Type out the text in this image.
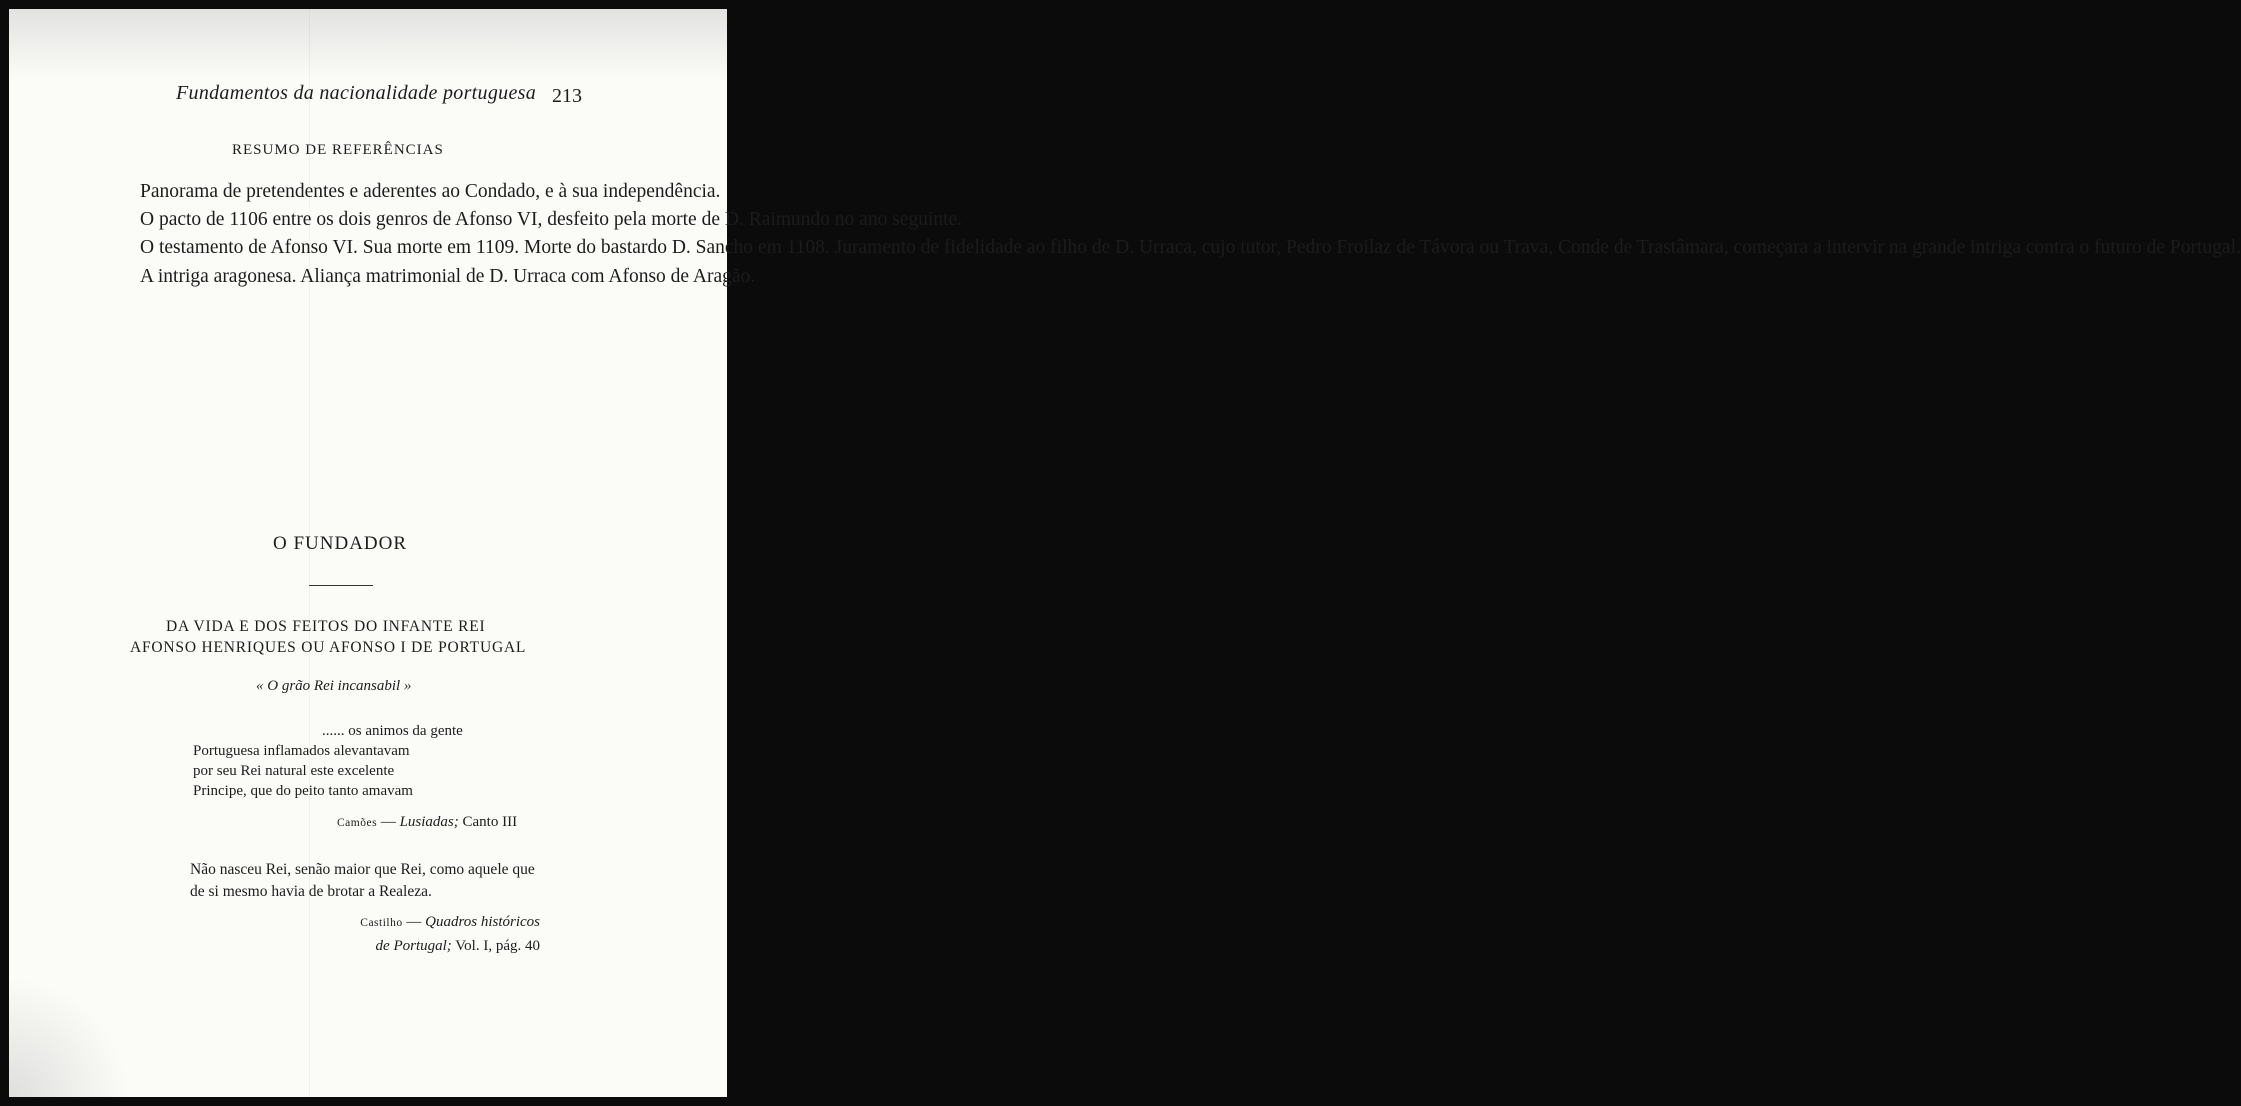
Fundamentos da nacionalidade portuguesa 213
RESUMO DE REFERÊNCIAS

Panorama de pretendentes e aderentes ao Condado, e à sua independência.

O pacto de 1106 entre os dois genros de Afonso VI, desfeito pela morte de D. Raimundo no ano seguinte.

O testamento de Afonso VI. Sua morte em 1109. Morte do bastardo D. Sancho em 1108. Juramento de fidelidade ao filho de D. Urraca, cujo tutor, Pedro Froilaz de Távora ou Trava, Conde de Trastâmara, começara a intervir na grande intriga contra o futuro de Portugal.

A intriga aragonesa. Aliança matrimonial de D. Urraca com Afonso de Aragão.

O FUNDADOR
DA VIDA E DOS FEITOS DO INFANTE REI
AFONSO HENRIQUES OU AFONSO I DE PORTUGAL
« O grão Rei incansabil »
...... os animos da gente
Portuguesa inflamados alevantavam
por seu Rei natural este excelente
Principe, que do peito tanto amavam
Camões — Lusiadas; Canto III
Não nasceu Rei, senão maior que Rei, como aquele que
de si mesmo havia de brotar a Realeza.
Castilho — Quadros históricos
de Portugal; Vol. I, pág. 40
